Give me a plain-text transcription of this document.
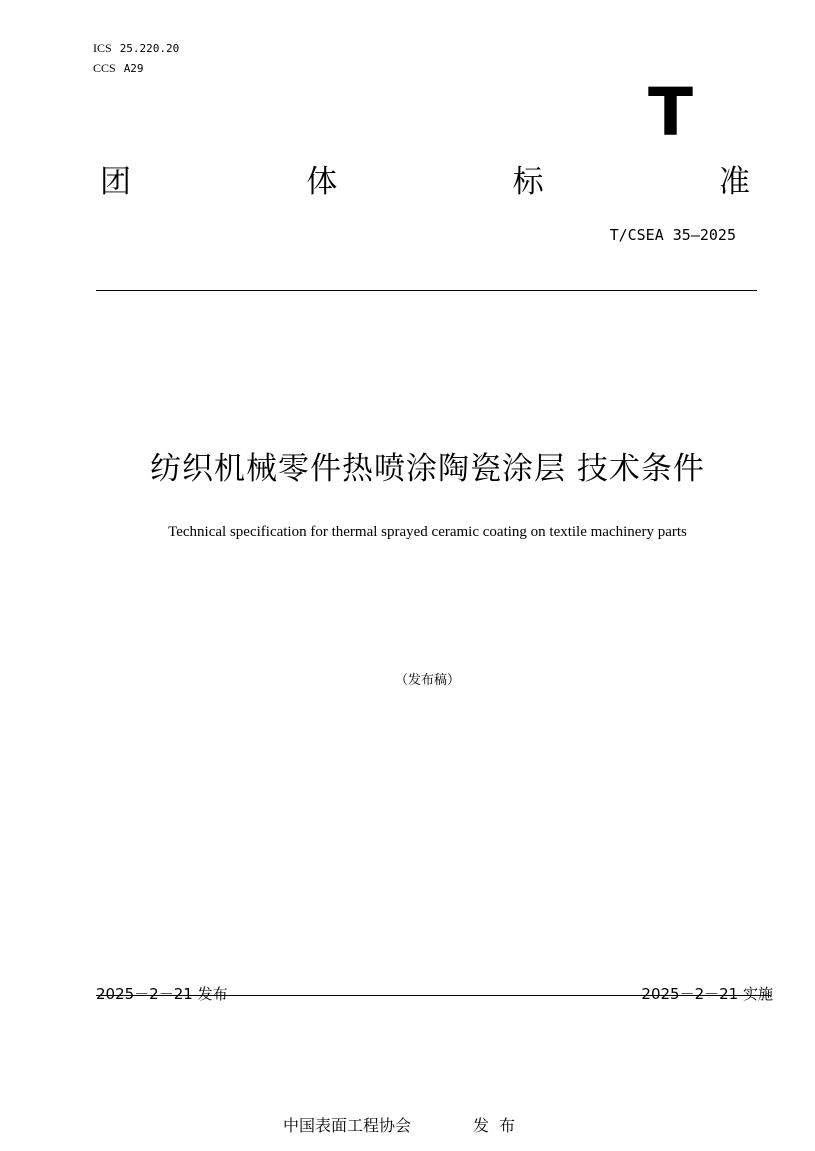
ICS 25.220.20
CCS A29
T
团	体	标	准
T/CSEA 35—2025
纺织机械零件热喷涂陶瓷涂层 技术条件
Technical specification for thermal sprayed ceramic coating on textile machinery parts
（发布稿）
2025－2－21 发布	2025－2－21 实施
中国表面工程协会	发布
